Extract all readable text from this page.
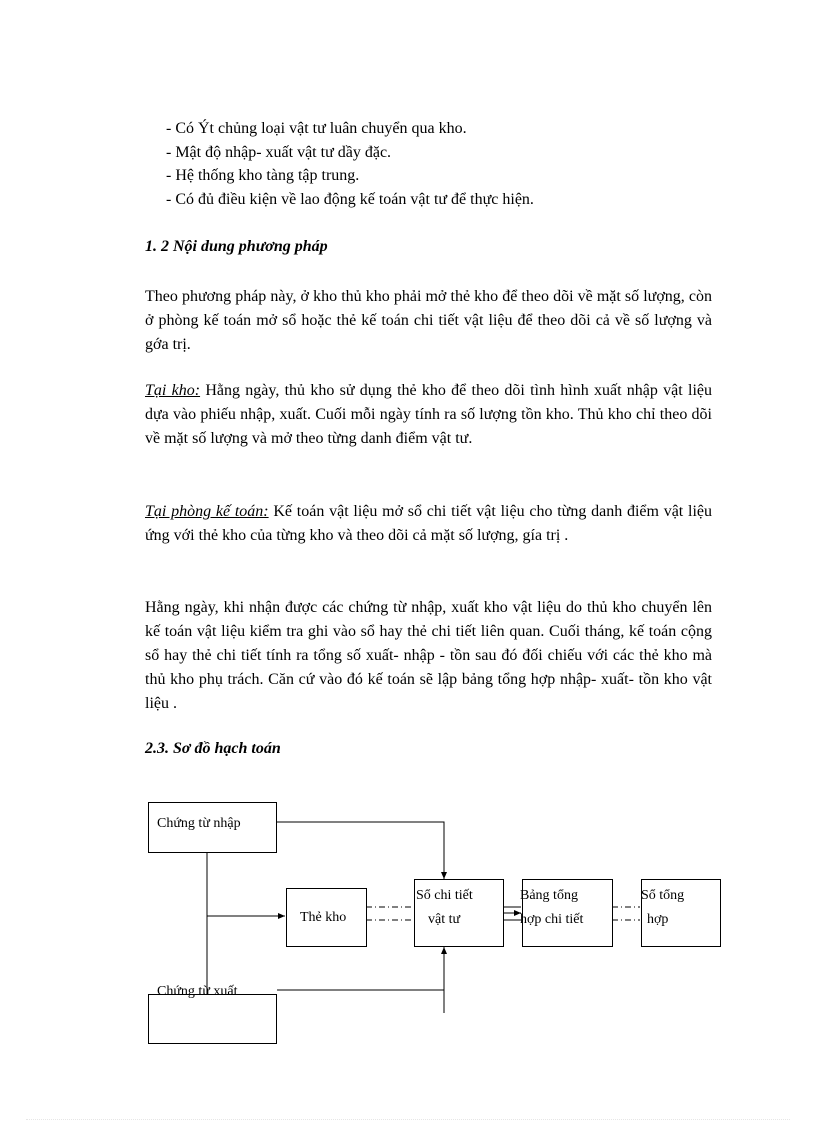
- Có Ýt chủng loại vật tư luân chuyển qua kho.
- Mật độ nhập- xuất vật tư dầy đặc.
- Hệ thống kho tàng tập trung.
- Có đủ điều kiện về lao động kế toán vật tư để thực hiện.
1. 2 Nội dung phương pháp
Theo phương pháp này, ở kho thủ kho phải mở thẻ kho để theo dõi về mặt số lượng, còn ở phòng kế toán mở sổ hoặc thẻ kế toán chi tiết vật liệu để theo dõi cả về số lượng và gớa trị.
Tại kho: Hằng ngày, thủ kho sử dụng thẻ kho để theo dõi tình hình xuất nhập vật liệu dựa vào phiếu nhập, xuất. Cuối mỗi ngày tính ra số lượng tồn kho. Thủ kho chỉ theo dõi về mặt số lượng và mở theo từng danh điểm vật tư.
Tại phòng kế toán: Kế toán vật liệu mở sổ chi tiết vật liệu cho từng danh điểm vật liệu ứng với thẻ kho của từng kho và theo dõi cả mặt số lượng, gía trị .
Hằng ngày, khi nhận được các chứng từ nhập, xuất kho vật liệu do thủ kho chuyển lên kế toán vật liệu kiểm tra ghi vào sổ hay thẻ chi tiết liên quan. Cuối tháng, kế toán cộng sổ hay thẻ chi tiết tính ra tổng số xuất- nhập - tồn sau đó đối chiếu với các thẻ kho mà thủ kho phụ trách. Căn cứ vào đó kế toán sẽ lập bảng tổng hợp nhập- xuất- tồn kho vật liệu .
2.3. Sơ đồ hạch toán
Chứng từ nhập
Thẻ kho
Sổ chi tiết
vật tư
Bảng tổng
hợp chi tiết
Sổ tổng
hợp
Chứng từ xuất
